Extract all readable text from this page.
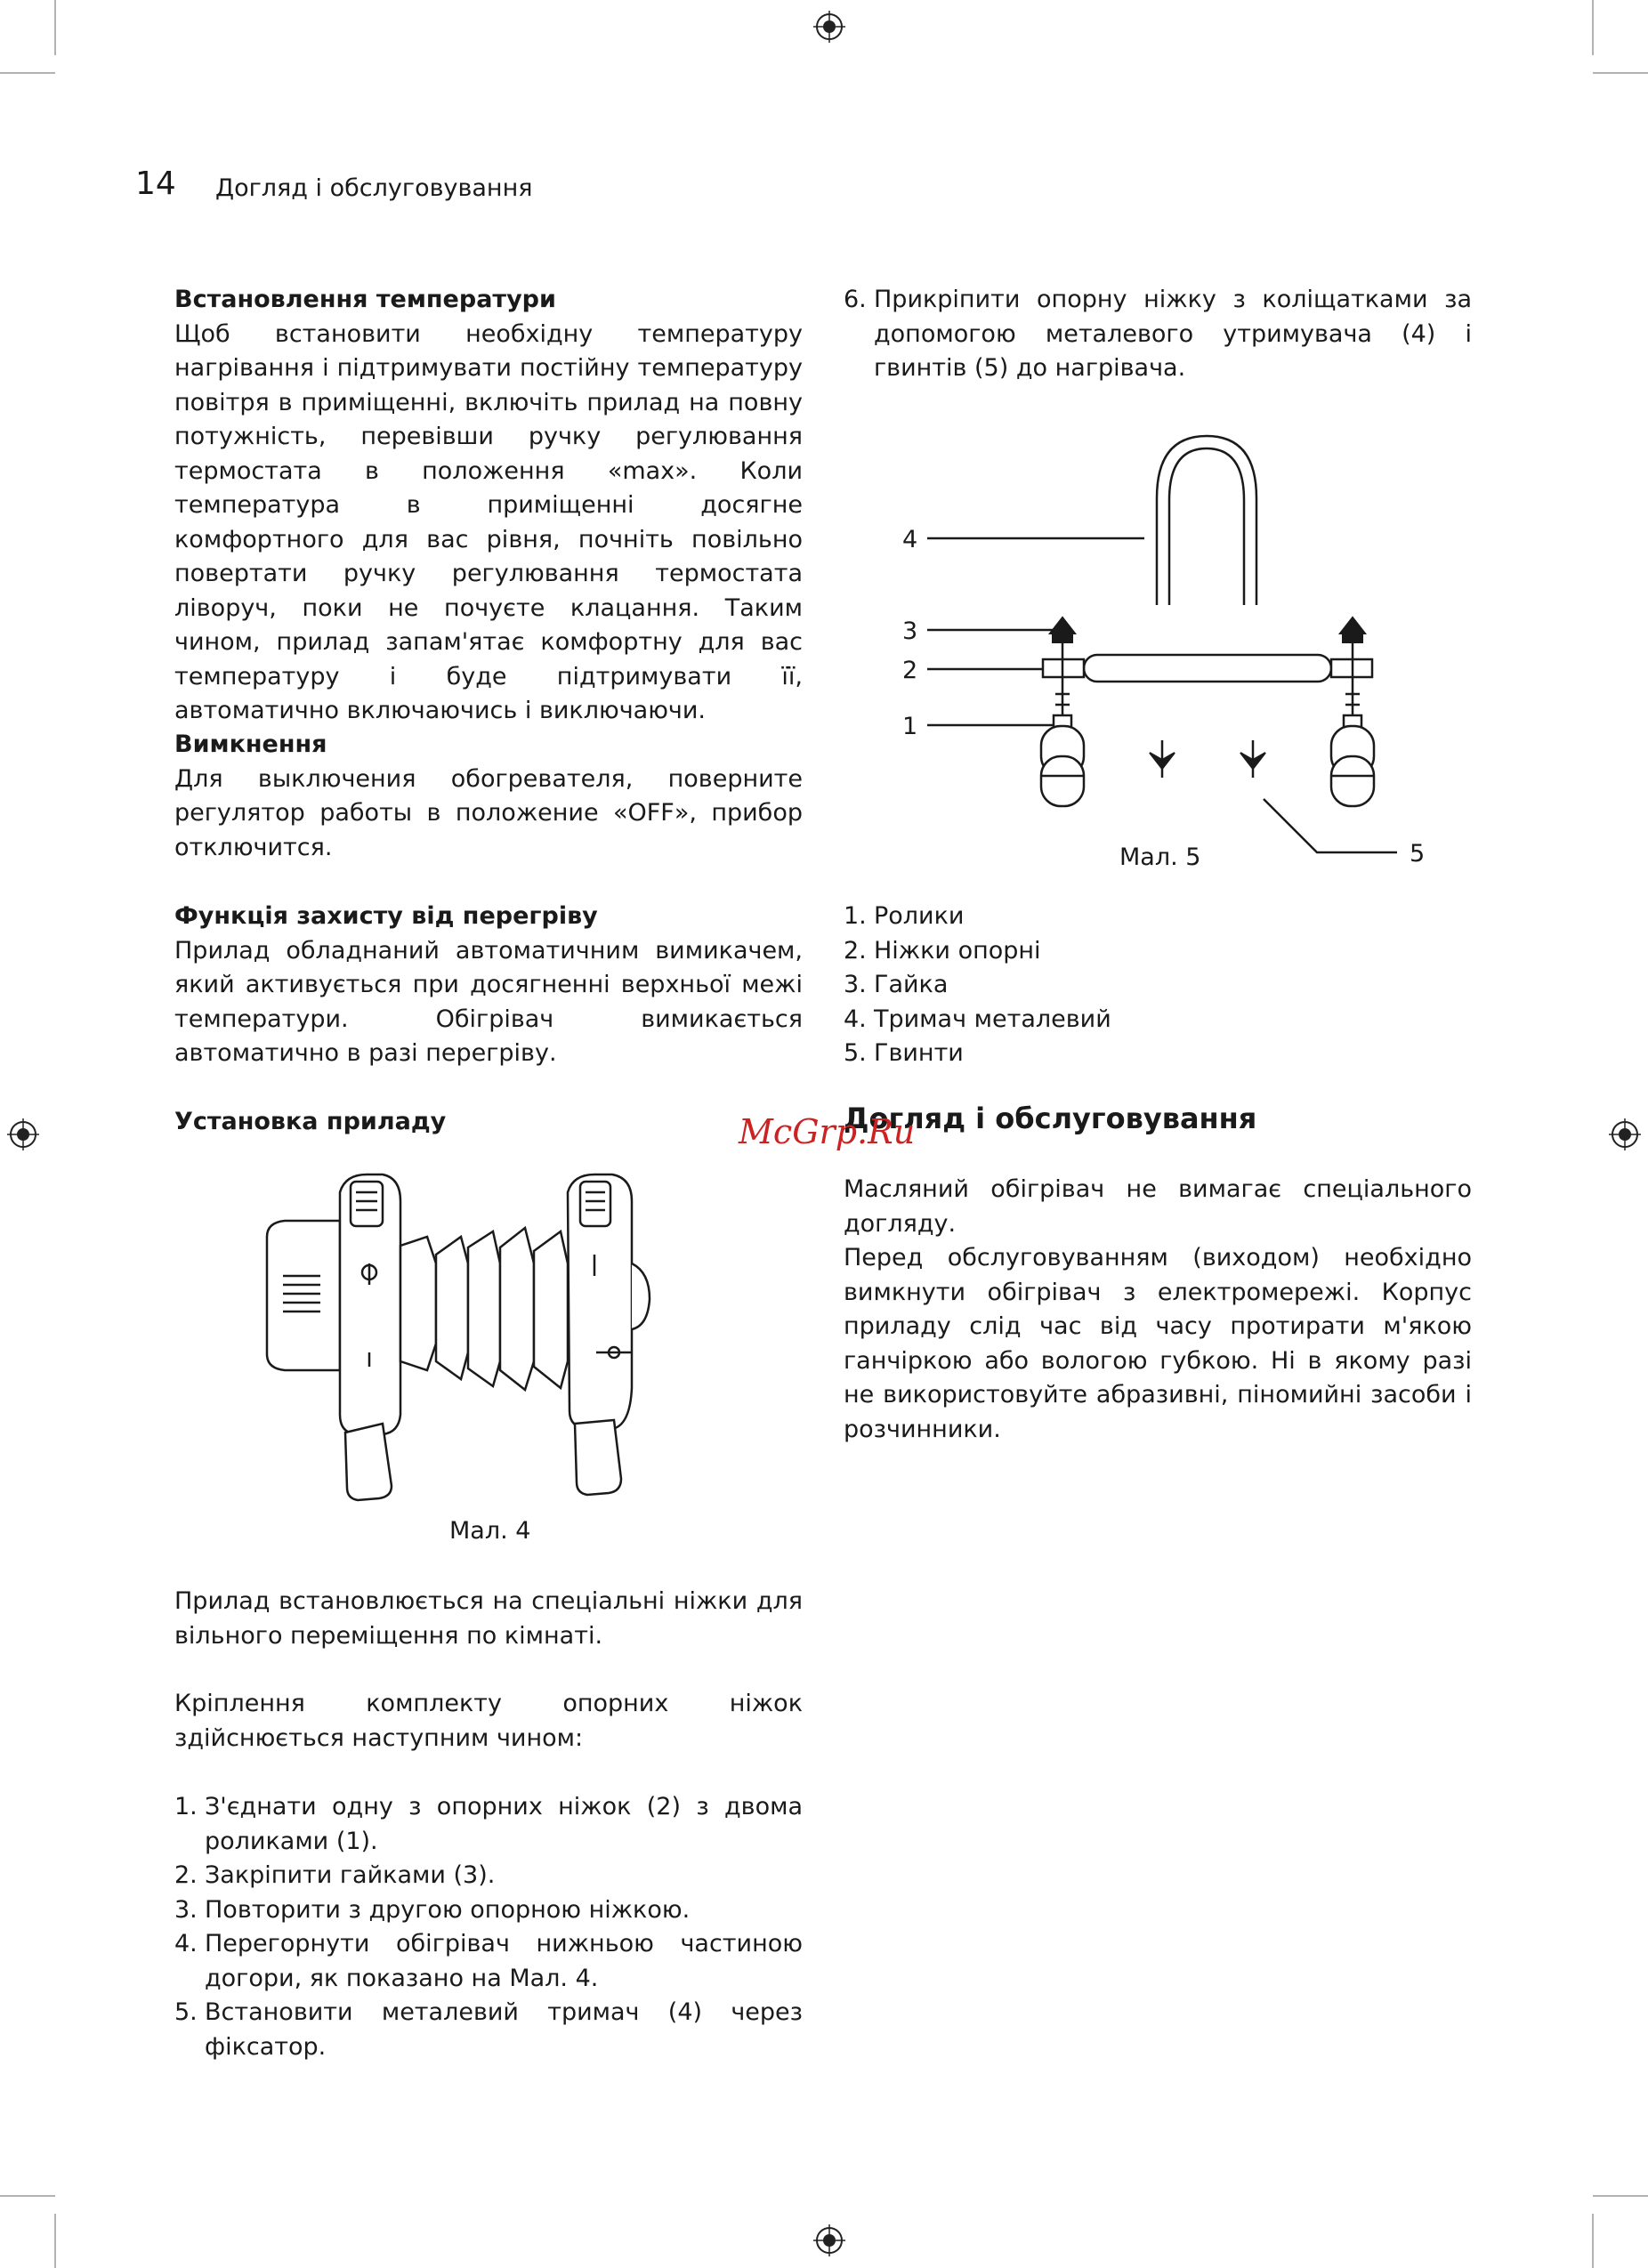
14 Догляд і обслуговування

Встановлення температури

Щоб встановити необхідну температуру нагрівання і підтримувати постійну температуру повітря в приміщенні, включіть прилад на повну потужність, перевівши ручку регулювання термостата в положення «max». Коли температура в приміщенні досягне комфортного для вас рівня, почніть повільно повертати ручку регулювання термостата ліворуч, поки не почуєте клацання. Таким чином, прилад запам'ятає комфортну для вас температуру і буде підтримувати її, автоматично включаючись і виключаючи.

Вимкнення

Для выключения обогревателя, поверните регулятор работы в положение «OFF», прибор отключится.

Функція захисту від перегріву

Прилад обладнаний автоматичним вимикачем, який активується при досягненні верхньої межі температури. Обігрівач вимикається автоматично в разі перегріву.

Установка приладу

Мал. 4

Прилад встановлюється на спеціальні ніжки для вільного переміщення по кімнаті.

Кріплення комплекту опорних ніжок здійснюється наступним чином:

1. З'єднати одну з опорних ніжок (2) з двома роликами (1).
2. Закріпити гайками (3).
3. Повторити з другою опорною ніжкою.
4. Перегорнути обігрівач нижньою частиною догори, як показано на Мал. 4.
5. Встановити металевий тримач (4) через фіксатор.
6. Прикріпити опорну ніжку з коліщатками за допомогою металевого утримувача (4) і гвинтів (5) до нагрівача.
4
3
2
1
5
Мал. 5
1. Ролики
2. Ніжки опорні
3. Гайка
4. Тримач металевий
5. Гвинти
Догляд і обслуговування
McGrp.Ru

Масляний обігрівач не вимагає спеціального догляду.

Перед обслуговуванням (виходом) необхідно вимкнути обігрівач з електромережі. Корпус приладу слід час від часу протирати м'якою ганчіркою або вологою губкою. Ні в якому разі не використовуйте абразивні, піномийні засоби і розчинники.
